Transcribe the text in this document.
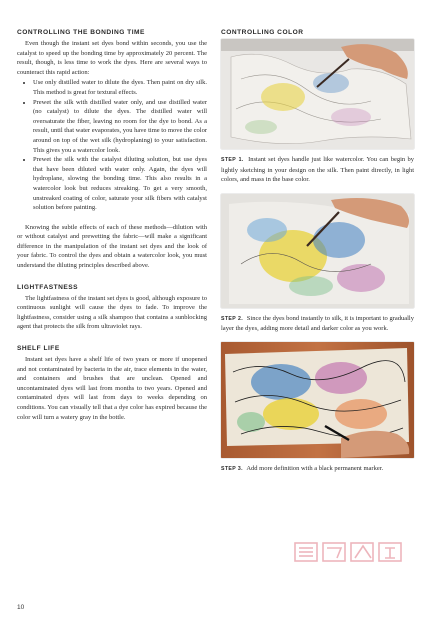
CONTROLLING THE BONDING TIME

Even though the instant set dyes bond within seconds, you use the catalyst to speed up the bonding time by approximately 20 percent. The result, though, is less time to work the dyes. Here are several ways to counteract this rapid action:

• Use only distilled water to dilute the dyes. Then paint on dry silk. This method is great for textural effects.
• Prewet the silk with distilled water only, and use distilled water (no catalyst) to dilute the dyes. The distilled water will oversaturate the fiber, leaving no room for the dye to bond. As a result, until that water evaporates, you have time to move the color around on top of the wet silk (hydroplaning) to your satisfaction. This gives you a watercolor look.
• Prewet the silk with the catalyst diluting solution, but use dyes that have been diluted with water only. Again, the dyes will hydroplane, slowing the bonding time. This also results in a watercolor look but reduces streaking. To get a very smooth, unstreaked coating of color, saturate your silk fibers with catalyst solution before painting.

Knowing the subtle effects of each of these methods—dilution with or without catalyst and prewetting the fabric—will make a significant difference in the manipulation of the instant set dyes and the look of your fabric. To control the dyes and obtain a watercolor look, you must understand the diluting principles described above.

LIGHTFASTNESS

The lightfastness of the instant set dyes is good, although exposure to continuous sunlight will cause the dyes to fade. To improve the lightfastness, consider using a silk shampoo that contains a sunblocking agent that protects the silk from ultraviolet rays.

SHELF LIFE

Instant set dyes have a shelf life of two years or more if unopened and not contaminated by bacteria in the air, trace elements in the water, and containers and brushes that are unclean. Opened and uncontaminated dyes will last from months to two years. Opened and contaminated dyes will last from days to weeks depending on conditions. You can visually tell that a dye color has expired because the color will turn a watery gray in the bottle.

CONTROLLING COLOR

STEP 1. Instant set dyes handle just like watercolor. You can begin by lightly sketching in your design on the silk. Then paint directly, in light colors, and mass in the base color.

STEP 2. Since the dyes bond instantly to silk, it is important to gradually layer the dyes, adding more detail and darker color as you work.

STEP 3. Add more definition with a black permanent marker.

10
